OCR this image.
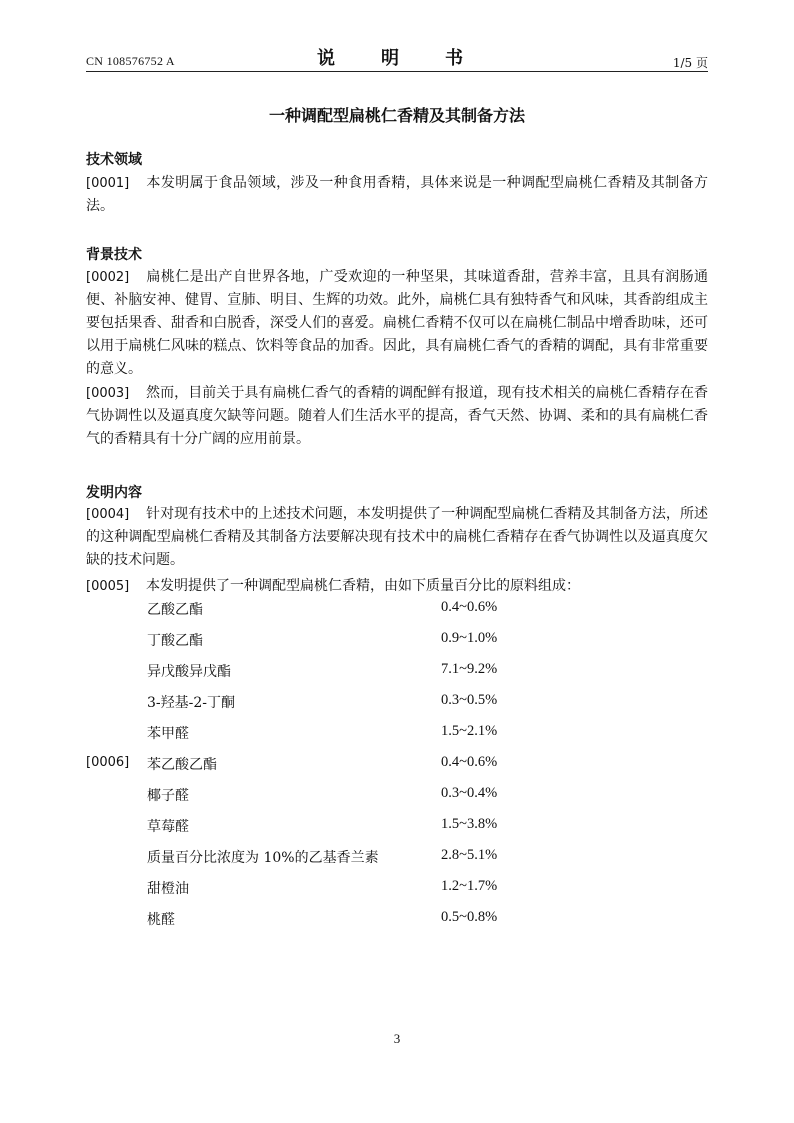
CN 108576752 A	说　明　书	1/5 页
一种调配型扁桃仁香精及其制备方法
技术领域
[0001] 本发明属于食品领域，涉及一种食用香精，具体来说是一种调配型扁桃仁香精及其制备方法。
背景技术
[0002] 扁桃仁是出产自世界各地，广受欢迎的一种坚果，其味道香甜，营养丰富，且具有润肠通便、补脑安神、健胃、宣肺、明目、生辉的功效。此外，扁桃仁具有独特香气和风味，其香韵组成主要包括果香、甜香和白脱香，深受人们的喜爱。扁桃仁香精不仅可以在扁桃仁制品中增香助味，还可以用于扁桃仁风味的糕点、饮料等食品的加香。因此，具有扁桃仁香气的香精的调配，具有非常重要的意义。
[0003] 然而，目前关于具有扁桃仁香气的香精的调配鲜有报道，现有技术相关的扁桃仁香精存在香气协调性以及逼真度欠缺等问题。随着人们生活水平的提高，香气天然、协调、柔和的具有扁桃仁香气的香精具有十分广阔的应用前景。
发明内容
[0004] 针对现有技术中的上述技术问题，本发明提供了一种调配型扁桃仁香精及其制备方法，所述的这种调配型扁桃仁香精及其制备方法要解决现有技术中的扁桃仁香精存在香气协调性以及逼真度欠缺的技术问题。
[0005] 本发明提供了一种调配型扁桃仁香精，由如下质量百分比的原料组成：
乙酸乙酯	0.4~0.6%
丁酸乙酯	0.9~1.0%
异戊酸异戊酯	7.1~9.2%
3-羟基-2-丁酮	0.3~0.5%
苯甲醛	1.5~2.1%
[0006] 苯乙酸乙酯	0.4~0.6%
椰子醛	0.3~0.4%
草莓醛	1.5~3.8%
质量百分比浓度为 10%的乙基香兰素	2.8~5.1%
甜橙油	1.2~1.7%
桃醛	0.5~0.8%
3
